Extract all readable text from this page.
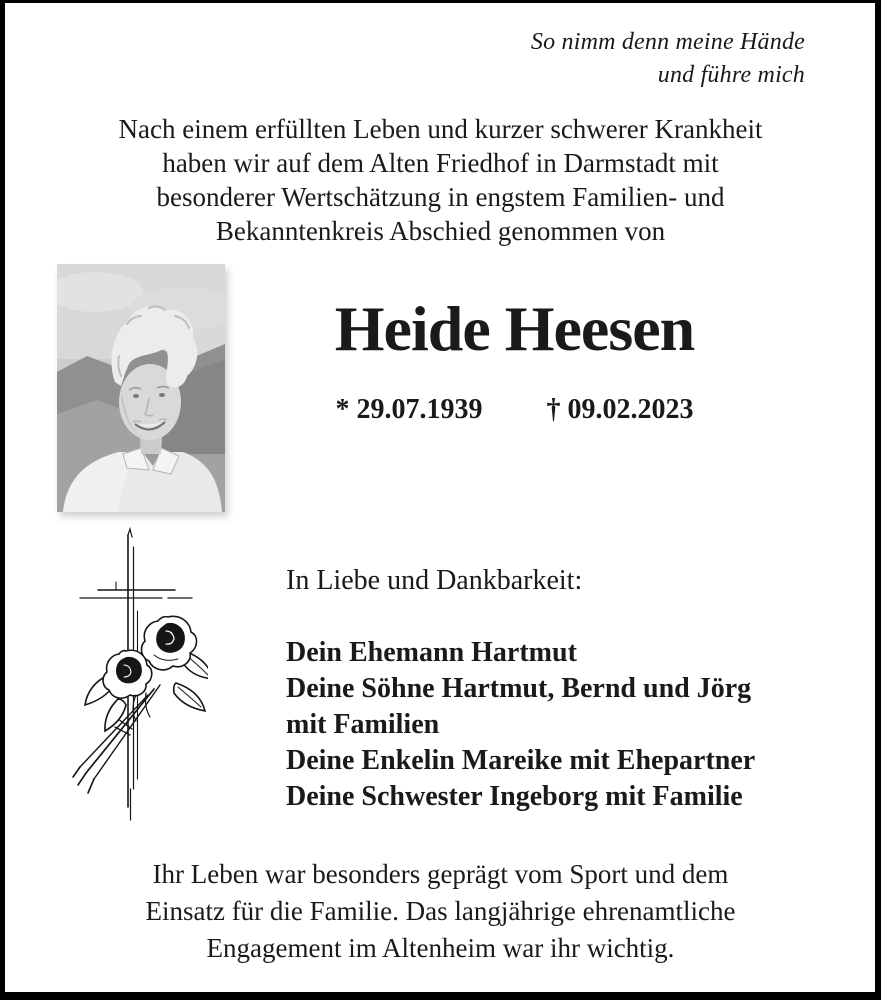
So nimm denn meine Hände
und führe mich
Nach einem erfüllten Leben und kurzer schwerer Krankheit
haben wir auf dem Alten Friedhof in Darmstadt mit
besonderer Wertschätzung in engstem Familien- und
Bekanntenkreis Abschied genommen von
Heide Heesen
* 29.07.1939 † 09.02.2023
In Liebe und Dankbarkeit:
Dein Ehemann Hartmut
Deine Söhne Hartmut, Bernd und Jörg
mit Familien
Deine Enkelin Mareike mit Ehepartner
Deine Schwester Ingeborg mit Familie
Ihr Leben war besonders geprägt vom Sport und dem
Einsatz für die Familie. Das langjährige ehrenamtliche
Engagement im Altenheim war ihr wichtig.
